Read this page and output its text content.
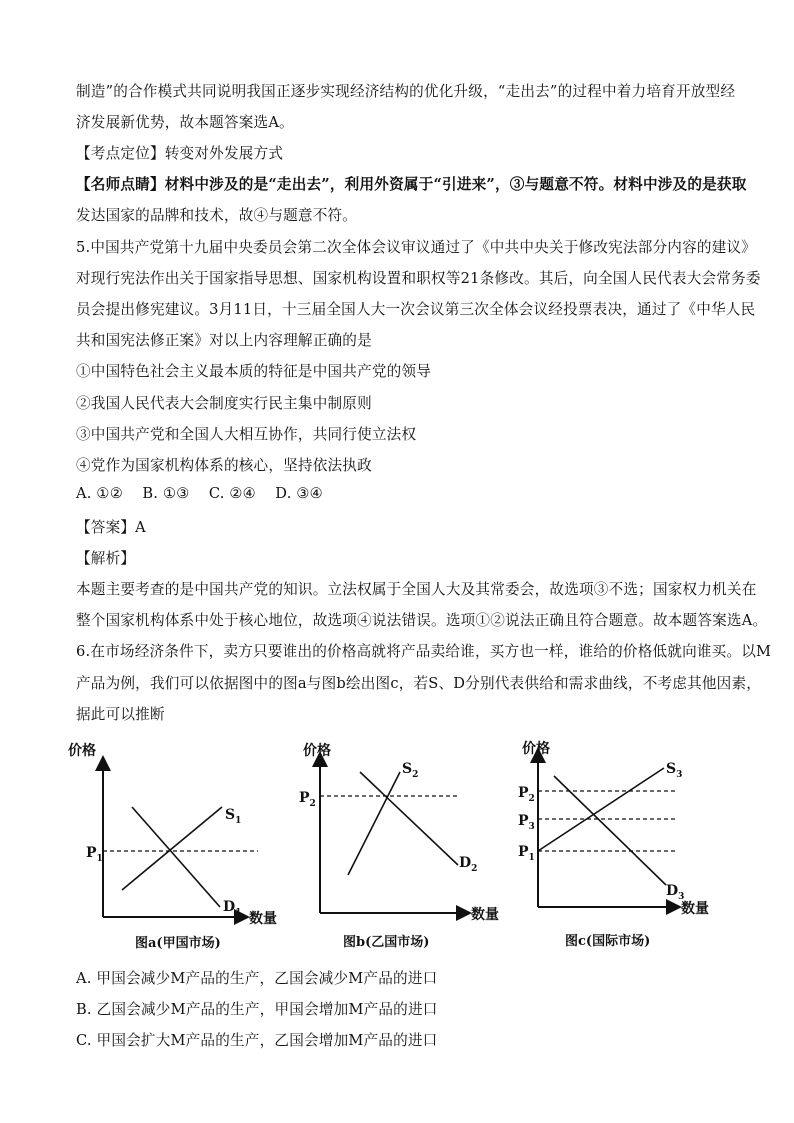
制造”的合作模式共同说明我国正逐步实现经济结构的优化升级，“走出去”的过程中着力培育开放型经
济发展新优势，故本题答案选A。
【考点定位】转变对外发展方式
【名师点睛】材料中涉及的是“走出去”，利用外资属于“引进来”，③与题意不符。材料中涉及的是获取
发达国家的品牌和技术，故④与题意不符。
5.中国共产党第十九届中央委员会第二次全体会议审议通过了《中共中央关于修改宪法部分内容的建议》
对现行宪法作出关于国家指导思想、国家机构设置和职权等21条修改。其后，向全国人民代表大会常务委
员会提出修宪建议。3月11日，十三届全国人大一次会议第三次全体会议经投票表决，通过了《中华人民
共和国宪法修正案》对以上内容理解正确的是
①中国特色社会主义最本质的特征是中国共产党的领导
②我国人民代表大会制度实行民主集中制原则
③中国共产党和全国人大相互协作，共同行使立法权
④党作为国家机构体系的核心，坚持依法执政
A. ①②    B. ①③    C. ②④    D. ③④
【答案】A
【解析】
本题主要考查的是中国共产党的知识。立法权属于全国人大及其常委会，故选项③不选；国家权力机关在
整个国家机构体系中处于核心地位，故选项④说法错误。选项①②说法正确且符合题意。故本题答案选A。
6.在市场经济条件下，卖方只要谁出的价格高就将产品卖给谁，买方也一样，谁给的价格低就向谁买。以M
产品为例，我们可以依据图中的图a与图b绘出图c，若S、D分别代表供给和需求曲线，不考虑其他因素，
据此可以推断
价格
数量
$P_1$
$S_1$
$D_1$
图a(甲国市场)
价格
数量
$P_2$
$S_2$
$D_2$
图b(乙国市场)
价格
数量
$P_2$
$P_3$
$P_1$
$S_3$
$D_3$
图c(国际市场)
A. 甲国会减少M产品的生产，乙国会减少M产品的进口
B. 乙国会减少M产品的生产，甲国会增加M产品的进口
C. 甲国会扩大M产品的生产，乙国会增加M产品的进口
